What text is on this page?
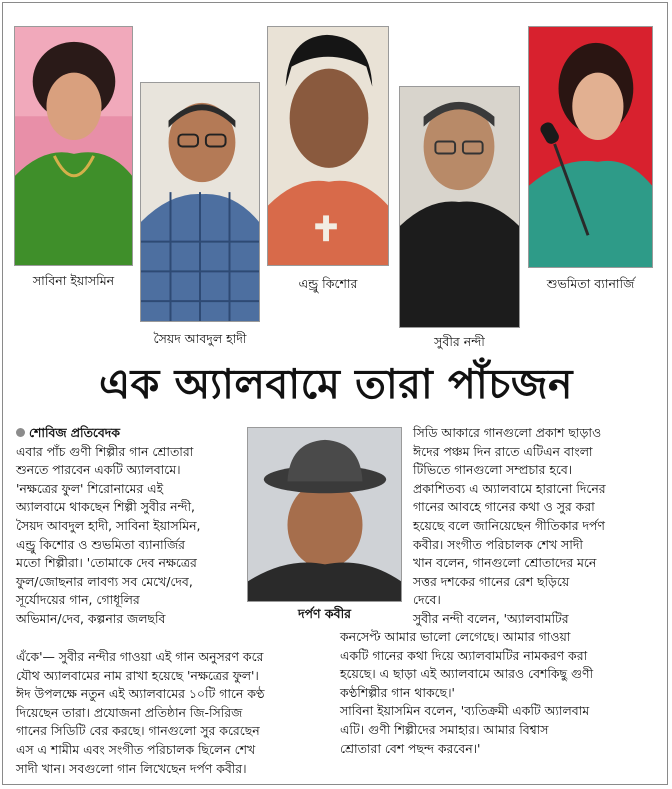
সাবিনা ইয়াসমিন
সৈয়দ আবদুল হাদী
এন্ড্রু কিশোর
সুবীর নন্দী
শুভমিতা ব্যানার্জি
এক অ্যালবামে তারা পাঁচজন
দর্পণ কবীর
শোবিজ প্রতিবেদক
এবার পাঁচ গুণী শিল্পীর গান শ্রোতারা
শুনতে পারবেন একটি অ্যালবামে।
'নক্ষত্রের ফুল' শিরোনামের এই
অ্যালবামে থাকছেন শিল্পী সুবীর নন্দী,
সৈয়দ আবদুল হাদী, সাবিনা ইয়াসমিন,
এন্ড্রু কিশোর ও শুভমিতা ব্যানার্জির
মতো শিল্পীরা। 'তোমাকে দেব নক্ষত্রের
ফুল/জোছনার লাবণ্য সব মেখে/দেব,
সূর্যোদয়ের গান, গোধূলির
অভিমান/দেব, কল্পনার জলছবি
এঁকে'— সুবীর নন্দীর গাওয়া এই গান অনুসরণ করে
যৌথ অ্যালবামের নাম রাখা হয়েছে 'নক্ষত্রের ফুল'।
ঈদ উপলক্ষে নতুন এই অ্যালবামের ১০টি গানে কণ্ঠ
দিয়েছেন তারা। প্রযোজনা প্রতিষ্ঠান জি-সিরিজ
গানের সিডিটি বের করছে। গানগুলো সুর করেছেন
এস এ শামীম এবং সংগীত পরিচালক ছিলেন শেখ
সাদী খান। সবগুলো গান লিখেছেন দর্পণ কবীর।
সিডি আকারে গানগুলো প্রকাশ ছাড়াও
ঈদের পঞ্চম দিন রাতে এটিএন বাংলা
টিভিতে গানগুলো সম্প্রচার হবে।
প্রকাশিতব্য এ অ্যালবামে হারানো দিনের
গানের আবহে গানের কথা ও সুর করা
হয়েছে বলে জানিয়েছেন গীতিকার দর্পণ
কবীর। সংগীত পরিচালক শেখ সাদী
খান বলেন, গানগুলো শ্রোতাদের মনে
সত্তর দশকের গানের রেশ ছড়িয়ে
দেবে।
সুবীর নন্দী বলেন, 'অ্যালবামটির
কনসেপ্ট আমার ভালো লেগেছে। আমার গাওয়া
একটি গানের কথা দিয়ে অ্যালবামটির নামকরণ করা
হয়েছে। এ ছাড়া এই অ্যালবামে আরও বেশকিছু গুণী
কণ্ঠশিল্পীর গান থাকছে।'
সাবিনা ইয়াসমিন বলেন, 'ব্যতিক্রমী একটি অ্যালবাম
এটি। গুণী শিল্পীদের সমাহার। আমার বিশ্বাস
শ্রোতারা বেশ পছন্দ করবেন।'
